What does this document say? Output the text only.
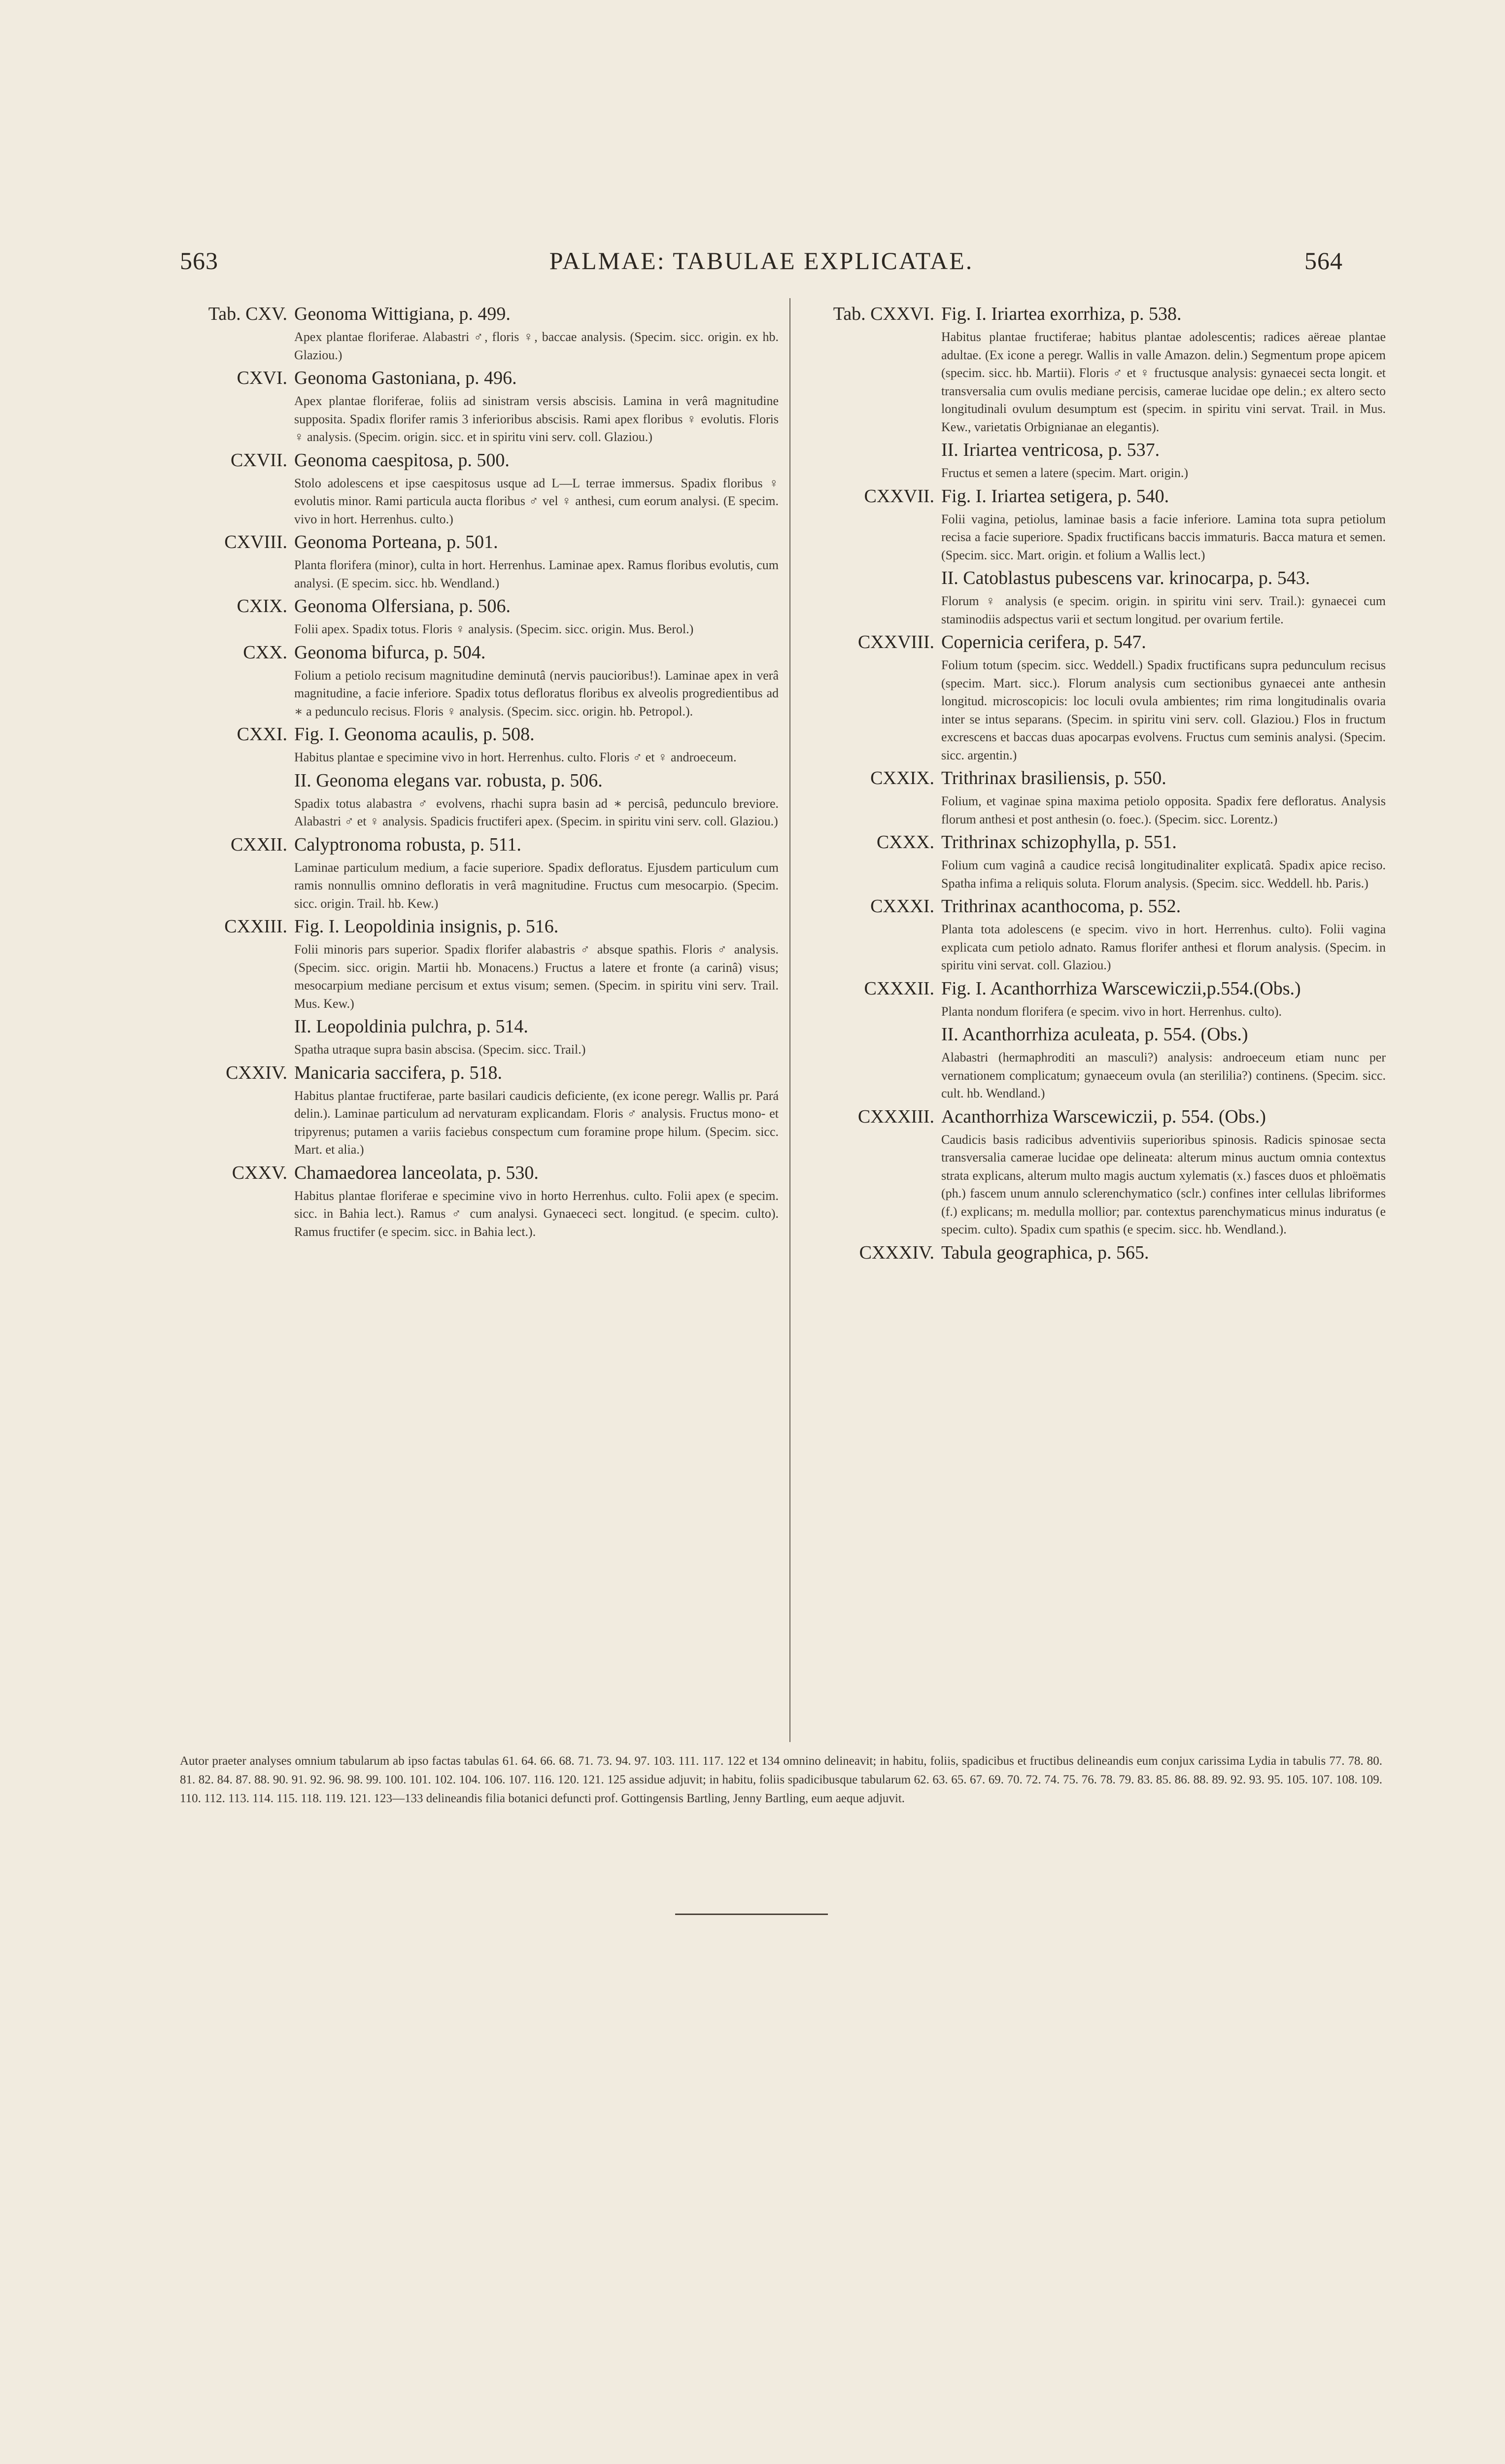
563	PALMAE: TABULAE EXPLICATAE.	564
Tab. CXV. Geonoma Wittigiana, p. 499.
Apex plantae floriferae. Alabastri ♂, floris ♀, baccae analysis. (Specim. sicc. origin. ex hb. Glaziou.)
CXVI. Geonoma Gastoniana, p. 496.
Apex plantae floriferae, foliis ad sinistram versis abscisis. Lamina in verâ magnitudine supposita. Spadix florifer ramis 3 inferioribus abscisis. Rami apex floribus ♀ evolutis. Floris ♀ analysis. (Specim. origin. sicc. et in spiritu vini serv. coll. Glaziou.)
CXVII. Geonoma caespitosa, p. 500.
Stolo adolescens et ipse caespitosus usque ad L—L terrae immersus. Spadix floribus ♀ evolutis minor. Rami particula aucta floribus ♂ vel ♀ anthesi, cum eorum analysi. (E specim. vivo in hort. Herrenhus. culto.)
CXVIII. Geonoma Porteana, p. 501.
Planta florifera (minor), culta in hort. Herrenhus. Laminae apex. Ramus floribus evolutis, cum analysi. (E specim. sicc. hb. Wendland.)
CXIX. Geonoma Olfersiana, p. 506.
Folii apex. Spadix totus. Floris ♀ analysis. (Specim. sicc. origin. Mus. Berol.)
CXX. Geonoma bifurca, p. 504.
Folium a petiolo recisum magnitudine deminutâ (nervis paucioribus!). Laminae apex in verâ magnitudine, a facie inferiore. Spadix totus defloratus floribus ex alveolis progredientibus ad ∗ a pedunculo recisus. Floris ♀ analysis. (Specim. sicc. origin. hb. Petropol.).
CXXI. Fig. I. Geonoma acaulis, p. 508.
Habitus plantae e specimine vivo in hort. Herrenhus. culto. Floris ♂ et ♀ androeceum.
II. Geonoma elegans var. robusta, p. 506.
Spadix totus alabastra ♂ evolvens, rhachi supra basin ad ∗ percisâ, pedunculo breviore. Alabastri ♂ et ♀ analysis. Spadicis fructiferi apex. (Specim. in spiritu vini serv. coll. Glaziou.)
CXXII. Calyptronoma robusta, p. 511.
Laminae particulum medium, a facie superiore. Spadix defloratus. Ejusdem particulum cum ramis nonnullis omnino defloratis in verâ magnitudine. Fructus cum mesocarpio. (Specim. sicc. origin. Trail. hb. Kew.)
CXXIII. Fig. I. Leopoldinia insignis, p. 516.
Folii minoris pars superior. Spadix florifer alabastris ♂ absque spathis. Floris ♂ analysis. (Specim. sicc. origin. Martii hb. Monacens.) Fructus a latere et fronte (a carinâ) visus; mesocarpium mediane percisum et extus visum; semen. (Specim. in spiritu vini serv. Trail. Mus. Kew.)
II. Leopoldinia pulchra, p. 514.
Spatha utraque supra basin abscisa. (Specim. sicc. Trail.)
CXXIV. Manicaria saccifera, p. 518.
Habitus plantae fructiferae, parte basilari caudicis deficiente, (ex icone peregr. Wallis pr. Pará delin.). Laminae particulum ad nervaturam explicandam. Floris ♂ analysis. Fructus mono- et tripyrenus; putamen a variis faciebus conspectum cum foramine prope hilum. (Specim. sicc. Mart. et alia.)
CXXV. Chamaedorea lanceolata, p. 530.
Habitus plantae floriferae e specimine vivo in horto Herrenhus. culto. Folii apex (e specim. sicc. in Bahia lect.). Ramus ♂ cum analysi. Gynaececi sect. longitud. (e specim. culto). Ramus fructifer (e specim. sicc. in Bahia lect.).
Tab. CXXVI. Fig. I. Iriartea exorrhiza, p. 538.
Habitus plantae fructiferae; habitus plantae adolescentis; radices aëreae plantae adultae. (Ex icone a peregr. Wallis in valle Amazon. delin.) Segmentum prope apicem (specim. sicc. hb. Martii). Floris ♂ et ♀ fructusque analysis: gynaecei secta longit. et transversalia cum ovulis mediane percisis, camerae lucidae ope delin.; ex altero secto longitudinali ovulum desumptum est (specim. in spiritu vini servat. Trail. in Mus. Kew., varietatis Orbignianae an elegantis).
II. Iriartea ventricosa, p. 537.
Fructus et semen a latere (specim. Mart. origin.)
CXXVII. Fig. I. Iriartea setigera, p. 540.
Folii vagina, petiolus, laminae basis a facie inferiore. Lamina tota supra petiolum recisa a facie superiore. Spadix fructificans baccis immaturis. Bacca matura et semen. (Specim. sicc. Mart. origin. et folium a Wallis lect.)
II. Catoblastus pubescens var. krinocarpa, p. 543.
Florum ♀ analysis (e specim. origin. in spiritu vini serv. Trail.): gynaecei cum staminodiis adspectus varii et sectum longitud. per ovarium fertile.
CXXVIII. Copernicia cerifera, p. 547.
Folium totum (specim. sicc. Weddell.) Spadix fructificans supra pedunculum recisus (specim. Mart. sicc.). Florum analysis cum sectionibus gynaecei ante anthesin longitud. microscopicis: loc loculi ovula ambientes; rim rima longitudinalis ovaria inter se intus separans. (Specim. in spiritu vini serv. coll. Glaziou.) Flos in fructum excrescens et baccas duas apocarpas evolvens. Fructus cum seminis analysi. (Specim. sicc. argentin.)
CXXIX. Trithrinax brasiliensis, p. 550.
Folium, et vaginae spina maxima petiolo opposita. Spadix fere defloratus. Analysis florum anthesi et post anthesin (o. foec.). (Specim. sicc. Lorentz.)
CXXX. Trithrinax schizophylla, p. 551.
Folium cum vaginâ a caudice recisâ longitudinaliter explicatâ. Spadix apice reciso. Spatha infima a reliquis soluta. Florum analysis. (Specim. sicc. Weddell. hb. Paris.)
CXXXI. Trithrinax acanthocoma, p. 552.
Planta tota adolescens (e specim. vivo in hort. Herrenhus. culto). Folii vagina explicata cum petiolo adnato. Ramus florifer anthesi et florum analysis. (Specim. in spiritu vini servat. coll. Glaziou.)
CXXXII. Fig. I. Acanthorrhiza Warscewiczii,p.554.(Obs.)
Planta nondum florifera (e specim. vivo in hort. Herrenhus. culto).
II. Acanthorrhiza aculeata, p. 554. (Obs.)
Alabastri (hermaphroditi an masculi?) analysis: androeceum etiam nunc per vernationem complicatum; gynaeceum ovula (an sterililia?) continens. (Specim. sicc. cult. hb. Wendland.)
CXXXIII. Acanthorrhiza Warscewiczii, p. 554. (Obs.)
Caudicis basis radicibus adventiviis superioribus spinosis. Radicis spinosae secta transversalia camerae lucidae ope delineata: alterum minus auctum omnia contextus strata explicans, alterum multo magis auctum xylematis (x.) fasces duos et phloëmatis (ph.) fascem unum annulo sclerenchymatico (sclr.) confines inter cellulas libriformes (f.) explicans; m. medulla mollior; par. contextus parenchymaticus minus induratus (e specim. culto). Spadix cum spathis (e specim. sicc. hb. Wendland.).
CXXXIV. Tabula geographica, p. 565.
Autor praeter analyses omnium tabularum ab ipso factas tabulas 61. 64. 66. 68. 71. 73. 94. 97. 103. 111. 117. 122 et 134 omnino delineavit; in habitu, foliis, spadicibus et fructibus delineandis eum conjux carissima Lydia in tabulis 77. 78. 80. 81. 82. 84. 87. 88. 90. 91. 92. 96. 98. 99. 100. 101. 102. 104. 106. 107. 116. 120. 121. 125 assidue adjuvit; in habitu, foliis spadicibusque tabularum 62. 63. 65. 67. 69. 70. 72. 74. 75. 76. 78. 79. 83. 85. 86. 88. 89. 92. 93. 95. 105. 107. 108. 109. 110. 112. 113. 114. 115. 118. 119. 121. 123—133 delineandis filia botanici defuncti prof. Gottingensis Bartling, Jenny Bartling, eum aeque adjuvit.
